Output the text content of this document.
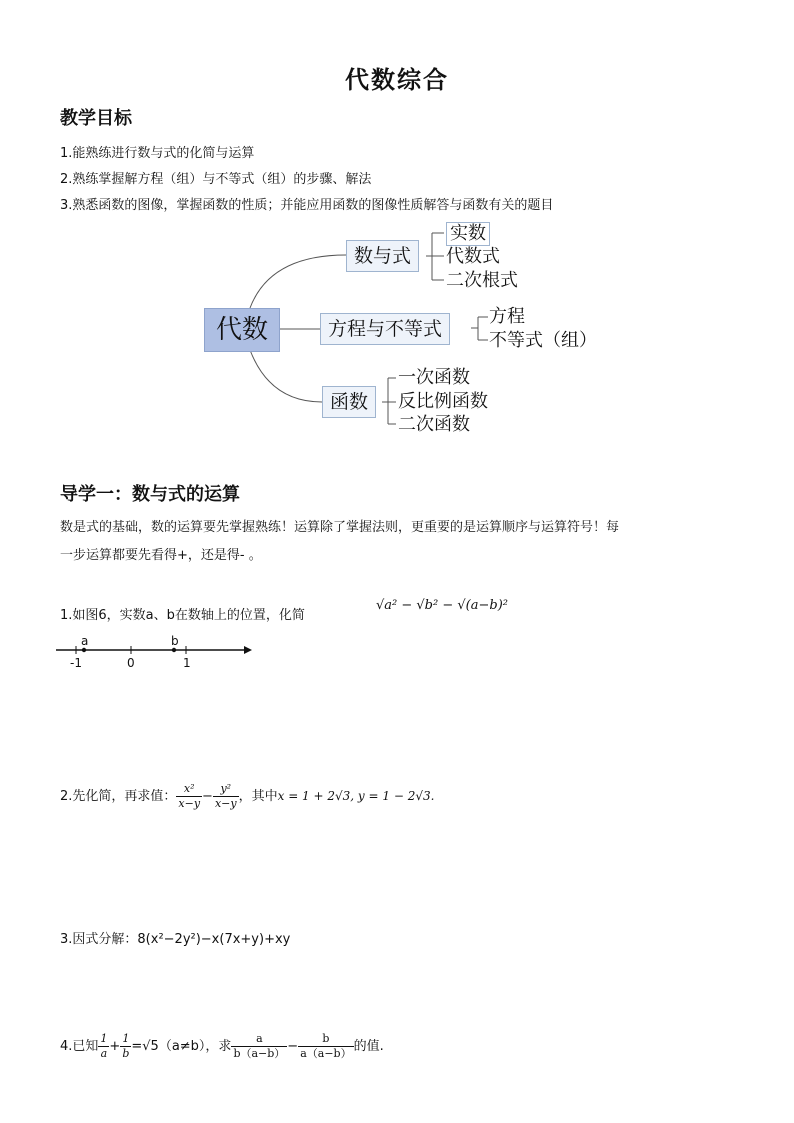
代数综合
教学目标
1.能熟练进行数与式的化简与运算
2.熟练掌握解方程（组）与不等式（组）的步骤、解法
3.熟悉函数的图像，掌握函数的性质；并能应用函数的图像性质解答与函数有关的题目
代数
数与式
实数
代数式
二次根式
方程与不等式
方程
不等式（组）
函数
一次函数
反比例函数
二次函数
导学一：数与式的运算
数是式的基础，数的运算要先掌握熟练！运算除了掌握法则，更重要的是运算顺序与运算符号！每
一步运算都要先看得+，还是得- 。
1.如图6，实数a、b在数轴上的位置，化简
√a² − √b² − √(a−b)²
a	b
-1	0	1
2.先化简，再求值： $\frac{\text{x²}}{x-y} - \frac{\text{y²}}{x-y}$ ，其中x = 1 + 2√3, y = 1 − 2√3.
3.因式分解：8(x²−2y²)−x(7x+y)+xy
4.已知 $\frac{1}{a} + \frac{1}{b} =√5(a\ne b)$，求 $\frac{a}{b(a-b)} - \frac{b}{a(a-b)}$ 的值.
